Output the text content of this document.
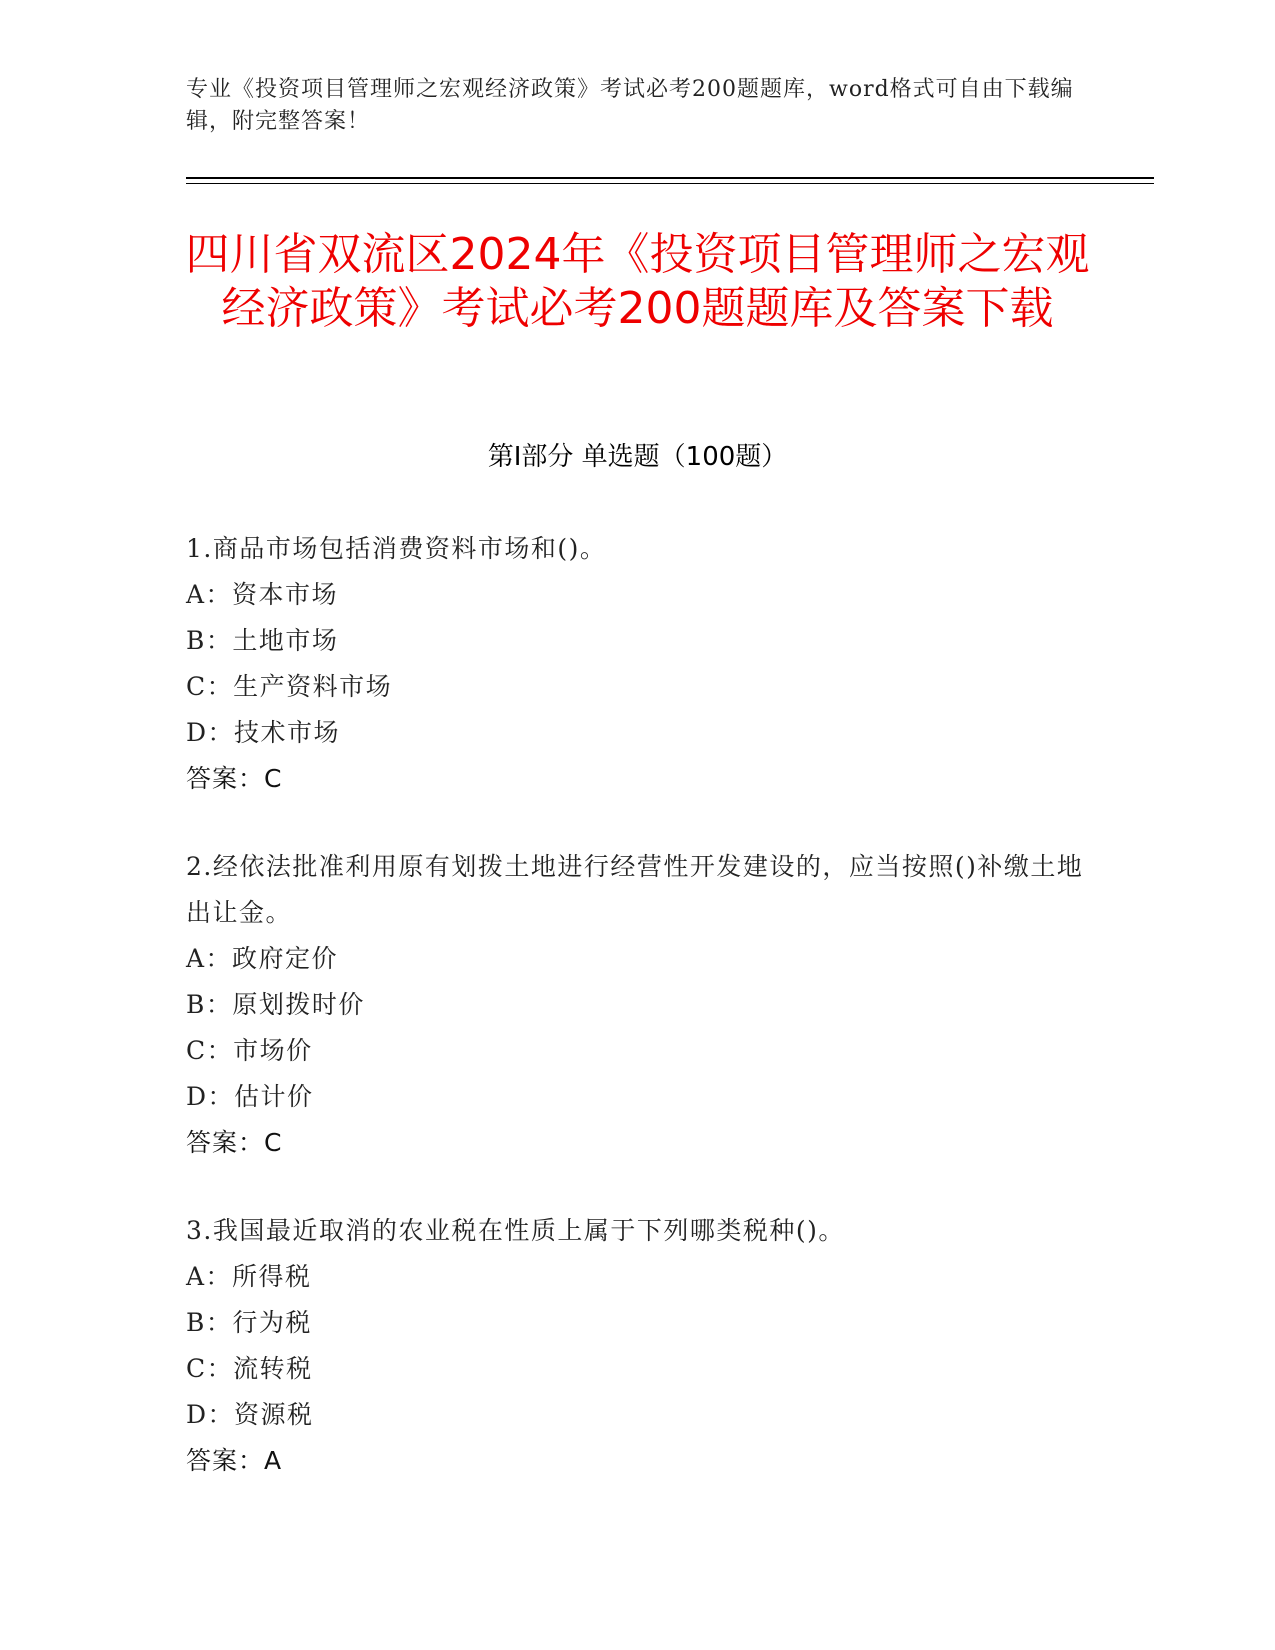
专业《投资项目管理师之宏观经济政策》考试必考200题题库，word格式可自由下载编辑，附完整答案！
四川省双流区2024年《投资项目管理师之宏观经济政策》考试必考200题题库及答案下载
第Ⅰ部分 单选题（100题）
1.商品市场包括消费资料市场和()。
A：资本市场
B：土地市场
C：生产资料市场
D：技术市场
答案：C
2.经依法批准利用原有划拨土地进行经营性开发建设的，应当按照()补缴土地出让金。
A：政府定价
B：原划拨时价
C：市场价
D：估计价
答案：C
3.我国最近取消的农业税在性质上属于下列哪类税种()。
A：所得税
B：行为税
C：流转税
D：资源税
答案：A
